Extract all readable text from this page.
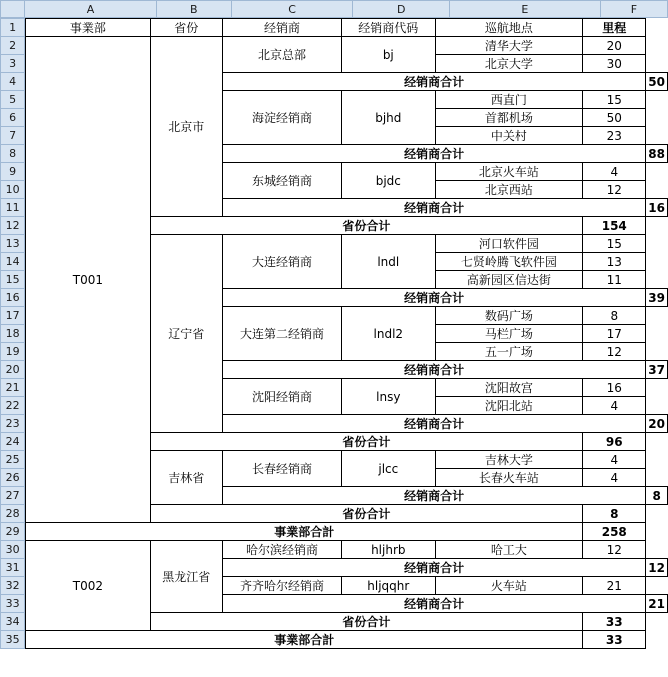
	A	B	C	D	E	F
1
2
3
4
5
6
7
8
9
10
11
12
13
14
15
16
17
18
19
20
21
22
23
24
25
26
27
28
29
30
31
32
33
34
35
事業部	省份	经销商	经销商代码	巡航地点	里程	
T001	北京市	北京总部	bj	清华大学	20	
				北京大学	30	
		经销商合计				50
		海淀经销商	bjhd	西直门	15	
				首都机场	50	
				中关村	23	
		经销商合计				88
		东城经销商	bjdc	北京火车站	4	
				北京西站	12	
		经销商合计				16
	省份合计				154	
	辽宁省	大连经销商	lndl	河口软件园	15	
				七贤岭腾飞软件园	13	
				高新园区信达街	11	
		经销商合计				39
		大连第二经销商	lndl2	数码广场	8	
				马栏广场	17	
				五一广场	12	
		经销商合计				37
		沈阳经销商	lnsy	沈阳故宫	16	
				沈阳北站	4	
		经销商合计				20
	省份合计				96	
	吉林省	长春经销商	jlcc	吉林大学	4	
				长春火车站	4	
		经销商合计				8
	省份合计				8	
事業部合計					258	
T002	黑龙江省	哈尔滨经销商	hljhrb	哈工大	12	
		经销商合计				12
		齐齐哈尔经销商	hljqqhr	火车站	21	
		经销商合计				21
	省份合计				33	
事業部合計					33	
